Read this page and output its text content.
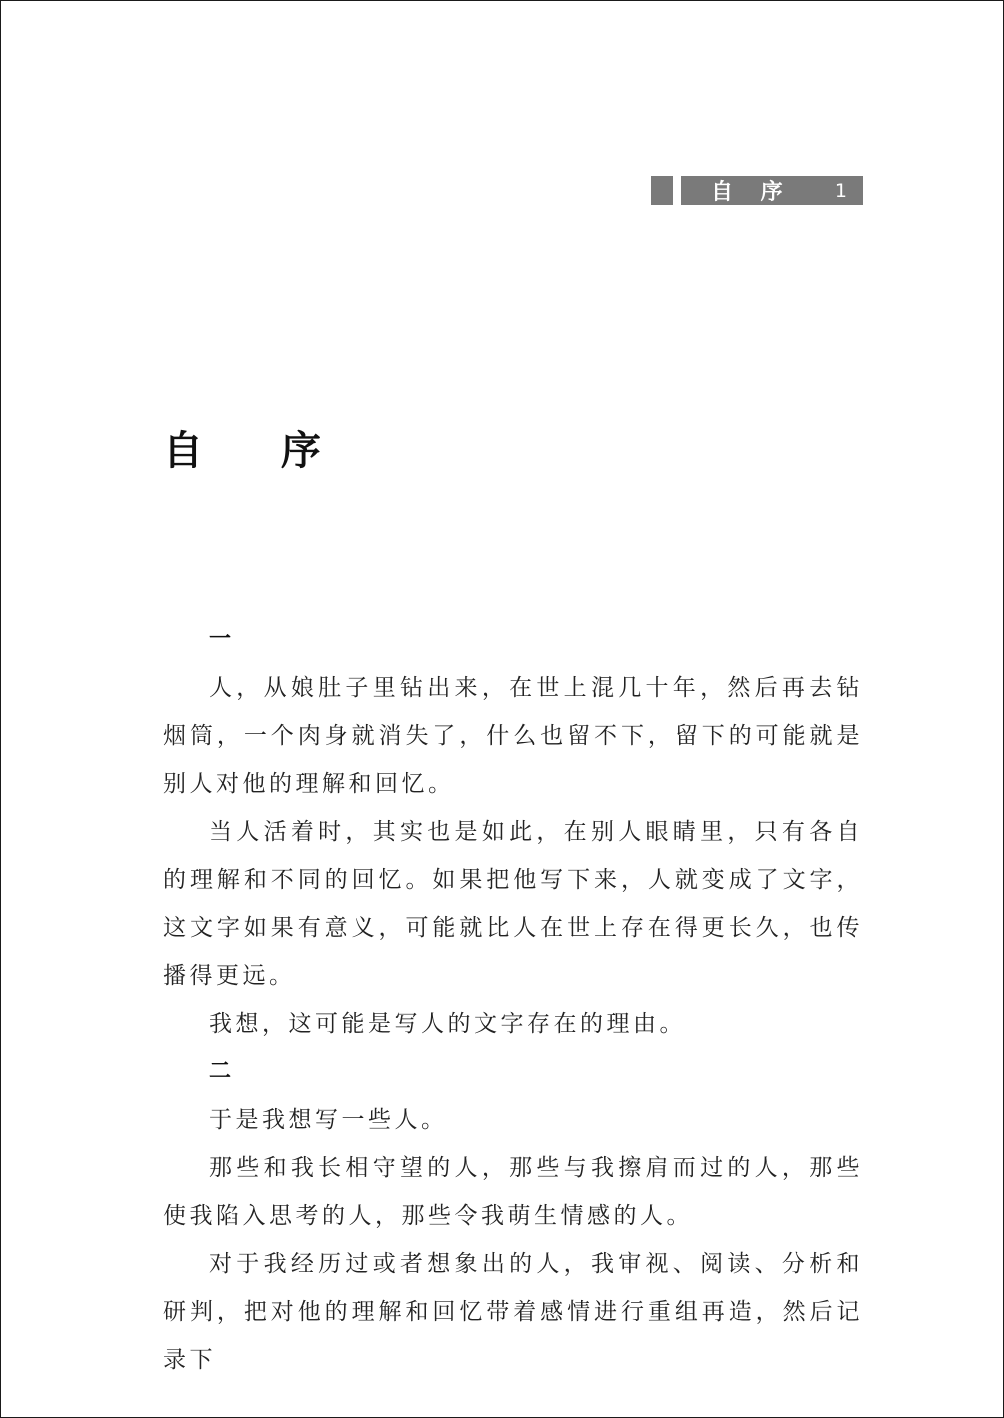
自 序 1
自 序

一

人，从娘肚子里钻出来，在世上混几十年，然后再去钻烟筒，一个肉身就消失了，什么也留不下，留下的可能就是别人对他的理解和回忆。

当人活着时，其实也是如此，在别人眼睛里，只有各自的理解和不同的回忆。如果把他写下来，人就变成了文字，这文字如果有意义，可能就比人在世上存在得更长久，也传播得更远。

我想，这可能是写人的文字存在的理由。

二

于是我想写一些人。

那些和我长相守望的人，那些与我擦肩而过的人，那些使我陷入思考的人，那些令我萌生情感的人。

对于我经历过或者想象出的人，我审视、阅读、分析和研判，把对他的理解和回忆带着感情进行重组再造，然后记录下
